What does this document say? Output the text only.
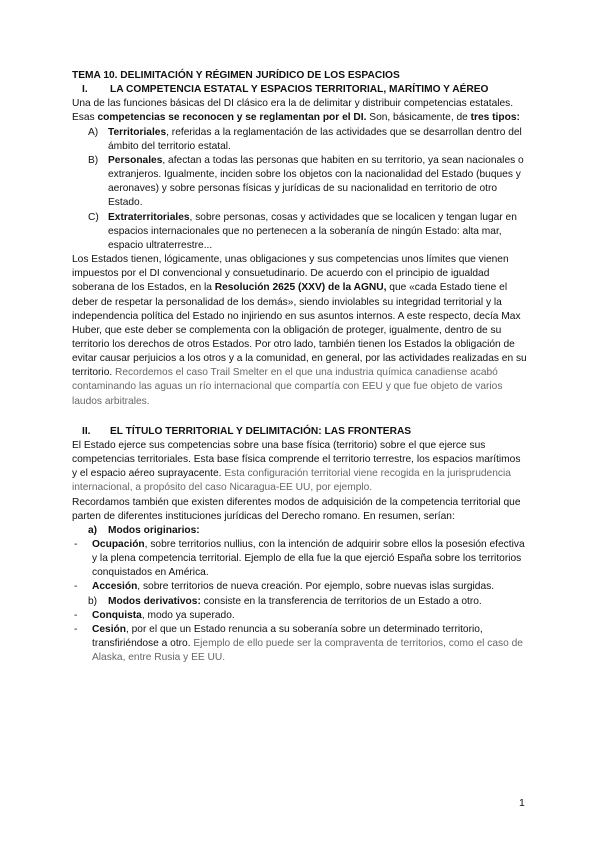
TEMA 10. DELIMITACIÓN Y RÉGIMEN JURÍDICO DE LOS ESPACIOS

I.	LA COMPETENCIA ESTATAL Y ESPACIOS TERRITORIAL, MARÍTIMO Y AÉREO

Una de las funciones básicas del DI clásico era la de delimitar y distribuir competencias estatales. Esas competencias se reconocen y se reglamentan por el DI. Son, básicamente, de tres tipos:

A) Territoriales, referidas a la reglamentación de las actividades que se desarrollan dentro del ámbito del territorio estatal.
B) Personales, afectan a todas las personas que habiten en su territorio, ya sean nacionales o extranjeros. Igualmente, inciden sobre los objetos con la nacionalidad del Estado (buques y aeronaves) y sobre personas físicas y jurídicas de su nacionalidad en territorio de otro Estado.
C) Extraterritoriales, sobre personas, cosas y actividades que se localicen y tengan lugar en espacios internacionales que no pertenecen a la soberanía de ningún Estado: alta mar, espacio ultraterrestre...

Los Estados tienen, lógicamente, unas obligaciones y sus competencias unos límites que vienen impuestos por el DI convencional y consuetudinario. De acuerdo con el principio de igualdad soberana de los Estados, en la Resolución 2625 (XXV) de la AGNU, que «cada Estado tiene el deber de respetar la personalidad de los demás», siendo inviolables su integridad territorial y la independencia política del Estado no injiriendo en sus asuntos internos. A este respecto, decía Max Huber, que este deber se complementa con la obligación de proteger, igualmente, dentro de su territorio los derechos de otros Estados. Por otro lado, también tienen los Estados la obligación de evitar causar perjuicios a los otros y a la comunidad, en general, por las actividades realizadas en su territorio. Recordemos el caso Trail Smelter en el que una industria química canadiense acabó contaminando las aguas un río internacional que compartía con EEU y que fue objeto de varios laudos arbitrales.

II.	EL TÍTULO TERRITORIAL Y DELIMITACIÓN: LAS FRONTERAS

El Estado ejerce sus competencias sobre una base física (territorio) sobre el que ejerce sus competencias territoriales. Esta base física comprende el territorio terrestre, los espacios marítimos y el espacio aéreo suprayacente. Esta configuración territorial viene recogida en la jurisprudencia internacional, a propósito del caso Nicaragua-EE UU, por ejemplo.

Recordamos también que existen diferentes modos de adquisición de la competencia territorial que parten de diferentes instituciones jurídicas del Derecho romano. En resumen, serían:

a)	Modos originarios:
-	Ocupación, sobre territorios nullius, con la intención de adquirir sobre ellos la posesión efectiva y la plena competencia territorial. Ejemplo de ella fue la que ejerció España sobre los territorios conquistados en América.
-	Accesión, sobre territorios de nueva creación. Por ejemplo, sobre nuevas islas surgidas.
b)	Modos derivativos: consiste en la transferencia de territorios de un Estado a otro.
-	Conquista, modo ya superado.
-	Cesión, por el que un Estado renuncia a su soberanía sobre un determinado territorio, transfiriéndose a otro. Ejemplo de ello puede ser la compraventa de territorios, como el caso de Alaska, entre Rusia y EE UU.
1
